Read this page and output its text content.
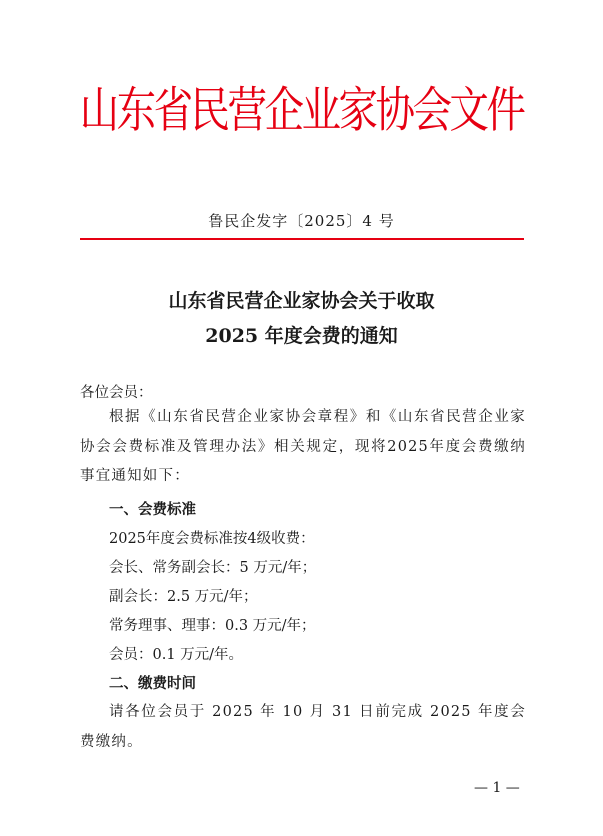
山东省民营企业家协会文件
鲁民企发字〔2025〕4 号
山东省民营企业家协会关于收取
2025 年度会费的通知
各位会员：
根据《山东省民营企业家协会章程》和《山东省民营企业家协会会费标准及管理办法》相关规定，现将2025年度会费缴纳事宜通知如下：
一、会费标准
2025年度会费标准按4级收费：
会长、常务副会长：5 万元/年；
副会长：2.5 万元/年；
常务理事、理事：0.3 万元/年；
会员：0.1 万元/年。
二、缴费时间
请各位会员于 2025 年 10 月 31 日前完成 2025 年度会费缴纳。
— 1 —
